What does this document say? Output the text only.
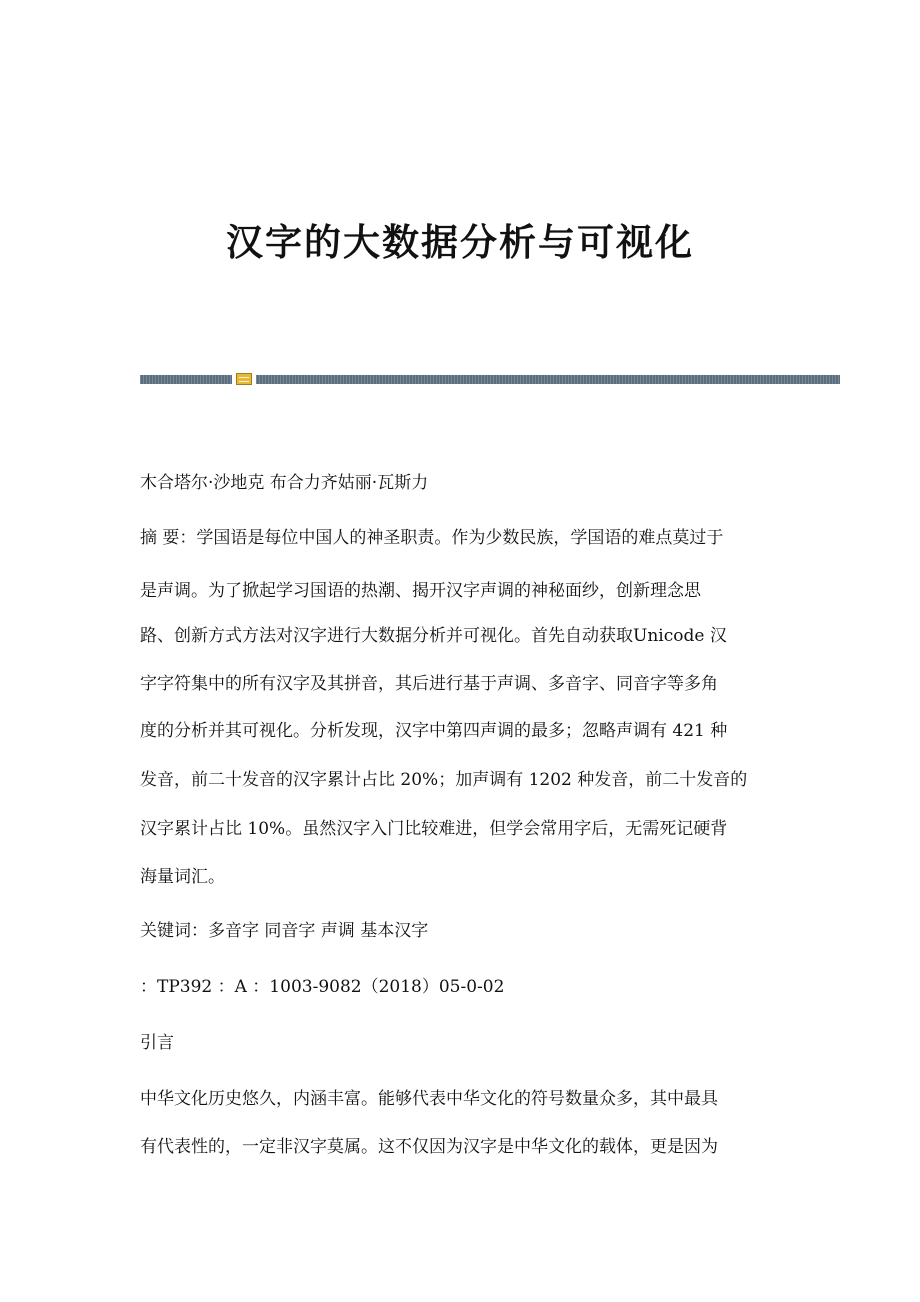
汉字的大数据分析与可视化
木合塔尔·沙地克 布合力齐姑丽·瓦斯力
摘 要：学国语是每位中国人的神圣职责。作为少数民族，学国语的难点莫过于
是声调。为了掀起学习国语的热潮、揭开汉字声调的神秘面纱，创新理念思
路、创新方式方法对汉字进行大数据分析并可视化。首先自动获取Unicode 汉
字字符集中的所有汉字及其拼音，其后进行基于声调、多音字、同音字等多角
度的分析并其可视化。分析发现，汉字中第四声调的最多；忽略声调有 421 种
发音，前二十发音的汉字累计占比 20%；加声调有 1202 种发音，前二十发音的
汉字累计占比 10%。虽然汉字入门比较难进，但学会常用字后，无需死记硬背
海量词汇。
关键词：多音字 同音字 声调 基本汉字
：TP392 ：A ：1003-9082（2018）05-0-02
引言
中华文化历史悠久，内涵丰富。能够代表中华文化的符号数量众多，其中最具
有代表性的，一定非汉字莫属。这不仅因为汉字是中华文化的载体，更是因为
